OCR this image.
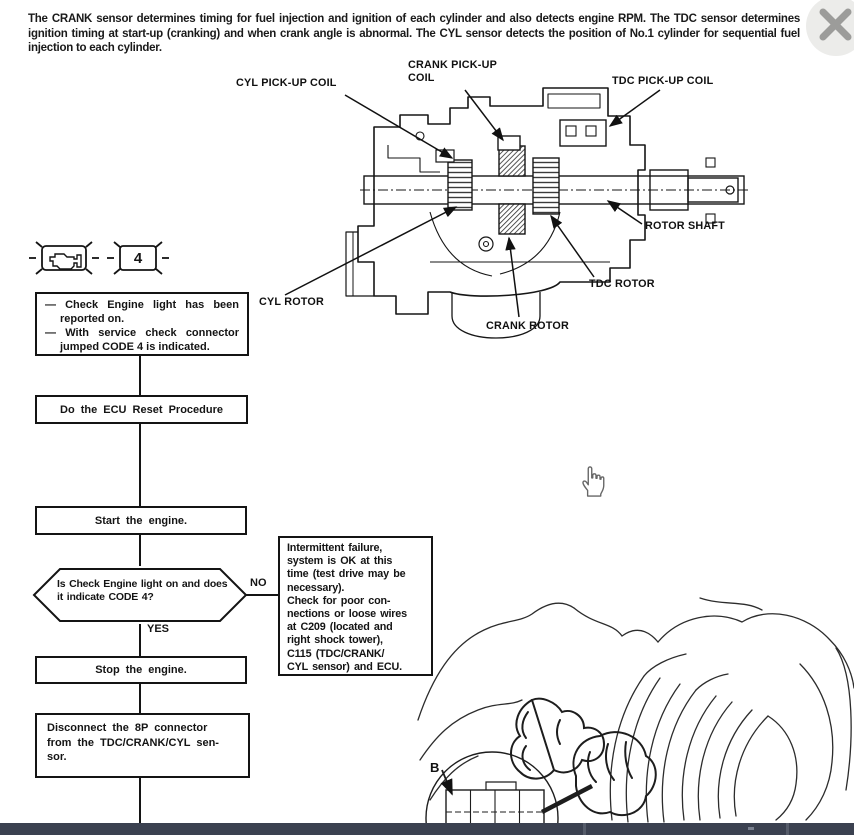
The CRANK sensor determines timing for fuel injection and ignition of each cylinder and also detects engine RPM. The TDC sensor determines ignition timing at start-up (cranking) and when crank angle is abnormal. The CYL sensor detects the position of No.1 cylinder for sequential fuel injection to each cylinder.
CYL PICK-UP COIL
CRANK PICK-UP
COIL	TDC PICK-UP COIL
ROTOR SHAFT
TDC ROTOR
CRANK ROTOR
CYL ROTOR
4
B
— Check Engine light has been reported on.
— With service check connector jumped CODE 4 is indicated.
Do the ECU Reset Procedure
Start the engine.
Is Check Engine light on and does
it indicate CODE 4?
NO
YES
Stop the engine.
Disconnect the 8P connector
from the TDC/CRANK/CYL sen-
sor.
Intermittent failure,
system is OK at this
time (test drive may be
necessary).
Check for poor con-
nections or loose wires
at C209 (located and
right shock tower),
C115 (TDC/CRANK/
CYL sensor) and ECU.
